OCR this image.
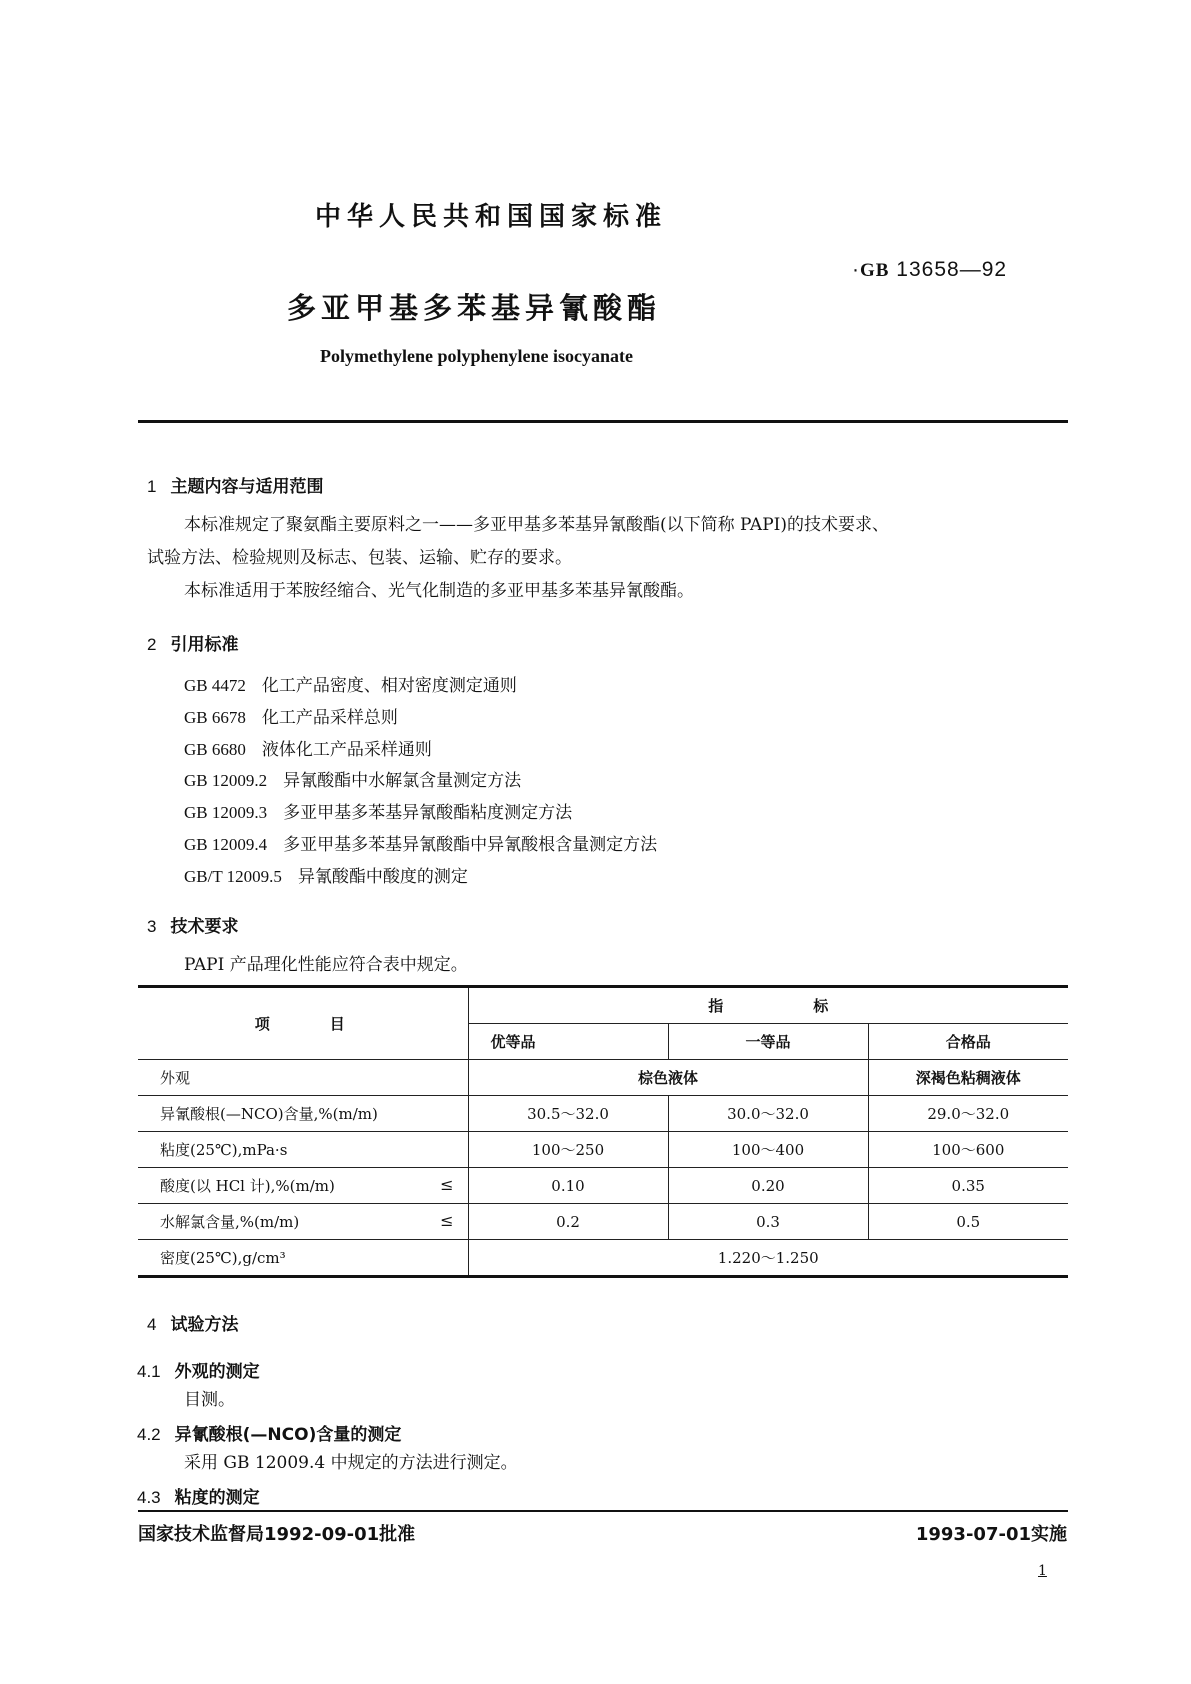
中华人民共和国国家标准
·GB 13658—92
多亚甲基多苯基异氰酸酯
Polymethylene polyphenylene isocyanate
1 主题内容与适用范围
本标准规定了聚氨酯主要原料之一——多亚甲基多苯基异氰酸酯(以下简称 PAPI)的技术要求、
试验方法、检验规则及标志、包装、运输、贮存的要求。
本标准适用于苯胺经缩合、光气化制造的多亚甲基多苯基异氰酸酯。
2 引用标准
GB 4472 化工产品密度、相对密度测定通则
GB 6678 化工产品采样总则
GB 6680 液体化工产品采样通则
GB 12009.2 异氰酸酯中水解氯含量测定方法
GB 12009.3 多亚甲基多苯基异氰酸酯粘度测定方法
GB 12009.4 多亚甲基多苯基异氰酸酯中异氰酸根含量测定方法
GB/T 12009.5 异氰酸酯中酸度的测定
3 技术要求
PAPI 产品理化性能应符合表中规定。
项　　　　目	指　　　　　　标		
	优等品	一等品	合格品
外观	棕色液体		深褐色粘稠液体
异氰酸根(—NCO)含量,%(m/m)	30.5～32.0	30.0～32.0	29.0～32.0
粘度(25℃),mPa·s	100～250	100～400	100～600
酸度(以 HCl 计),%(m/m) ≤	0.10	0.20	0.35
水解氯含量,%(m/m) ≤	0.2	0.3	0.5
密度(25℃),g/cm³	1.220～1.250		
4 试验方法
4.1 外观的测定
目测。
4.2 异氰酸根(—NCO)含量的测定
采用 GB 12009.4 中规定的方法进行测定。
4.3 粘度的测定
国家技术监督局1992-09-01批准	1993-07-01实施
1
